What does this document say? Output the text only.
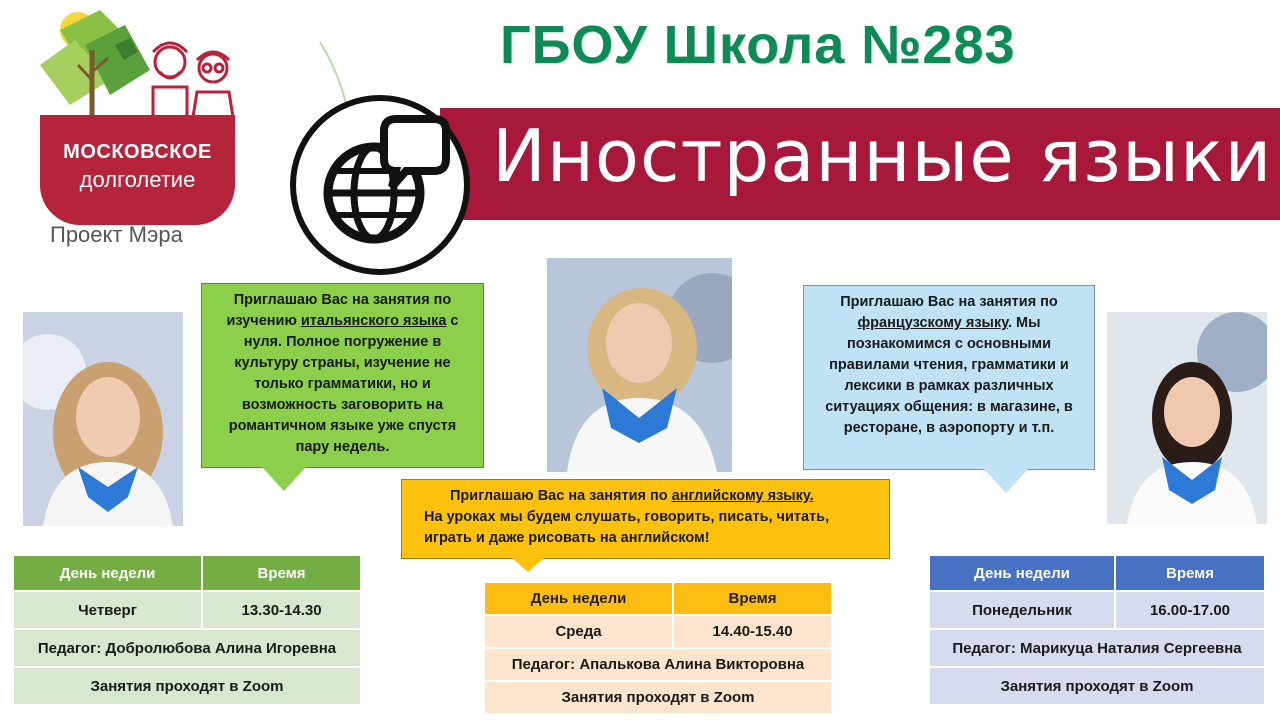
МОСКОВСКОЕ
долголетие
Проект Мэра
ГБОУ Школа №283
Иностранные языки
Приглашаю Вас на занятия по изучению итальянского языка с нуля. Полное погружение в культуру страны, изучение не только грамматики, но и возможность заговорить на романтичном языке уже спустя пару недель.
Приглашаю Вас на занятия по французскому языку. Мы познакомимся с основными правилами чтения, грамматики и лексики в рамках различных ситуациях общения: в магазине, в ресторане, в аэропорту и т.п.
Приглашаю Вас на занятия по английскому языку.
На уроках мы будем слушать, говорить, писать, читать, играть и даже рисовать на английском!
День недели	Время
Четверг	13.30-14.30
Педагог: Добролюбова Алина Игоревна	
Занятия проходят в Zoom	
День недели	Время
Среда	14.40-15.40
Педагог: Апалькова Алина Викторовна	
Занятия проходят в Zoom	
День недели	Время
Понедельник	16.00-17.00
Педагог: Марикуца Наталия Сергеевна	
Занятия проходят в Zoom	
